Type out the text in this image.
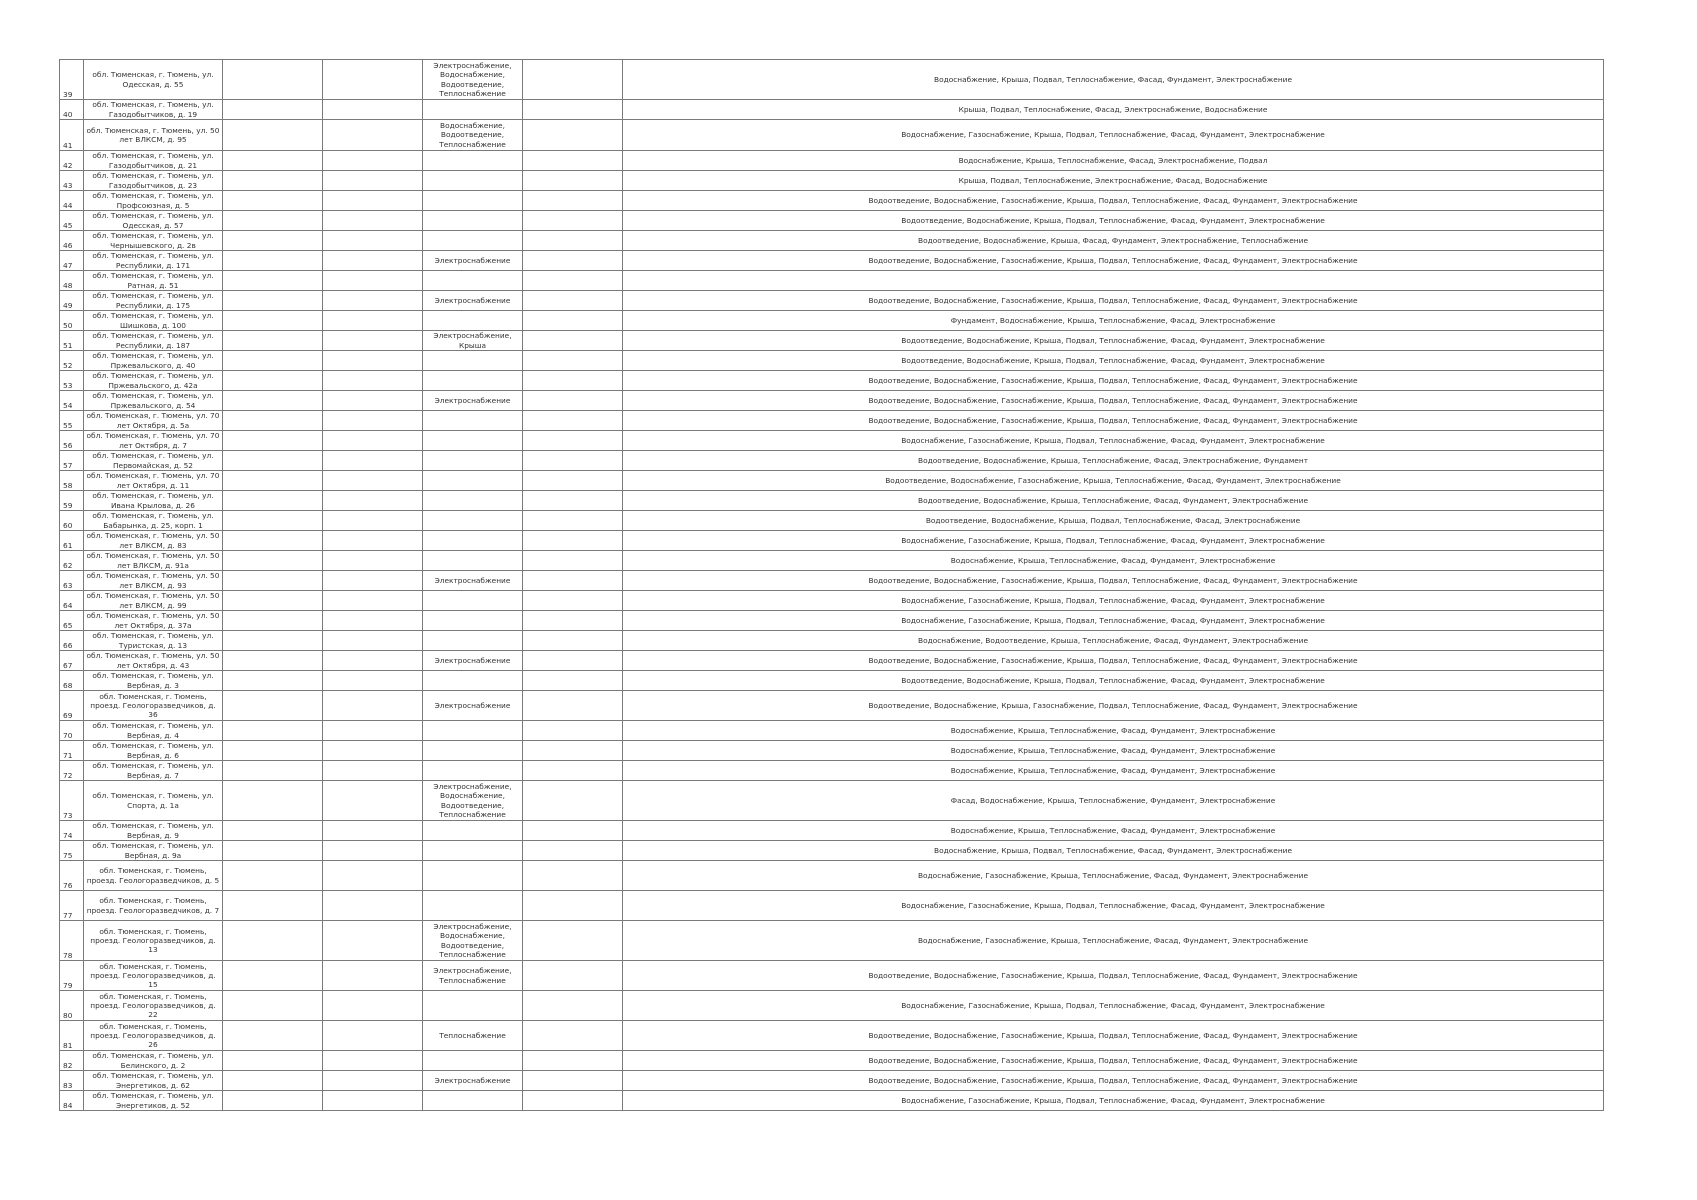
39	обл. Тюменская, г. Тюмень, ул. Одесская, д. 55			Электроснабжение, Водоснабжение, Водоотведение, Теплоснабжение		Водоснабжение, Крыша, Подвал, Теплоснабжение, Фасад, Фундамент, Электроснабжение
40	обл. Тюменская, г. Тюмень, ул. Газодобытчиков, д. 19					Крыша, Подвал, Теплоснабжение, Фасад, Электроснабжение, Водоснабжение
41	обл. Тюменская, г. Тюмень, ул. 50 лет ВЛКСМ, д. 95			Водоснабжение, Водоотведение, Теплоснабжение		Водоснабжение, Газоснабжение, Крыша, Подвал, Теплоснабжение, Фасад, Фундамент, Электроснабжение
42	обл. Тюменская, г. Тюмень, ул. Газодобытчиков, д. 21					Водоснабжение, Крыша, Теплоснабжение, Фасад, Электроснабжение, Подвал
43	обл. Тюменская, г. Тюмень, ул. Газодобытчиков, д. 23					Крыша, Подвал, Теплоснабжение, Электроснабжение, Фасад, Водоснабжение
44	обл. Тюменская, г. Тюмень, ул. Профсоюзная, д. 5					Водоотведение, Водоснабжение, Газоснабжение, Крыша, Подвал, Теплоснабжение, Фасад, Фундамент, Электроснабжение
45	обл. Тюменская, г. Тюмень, ул. Одесская, д. 57					Водоотведение, Водоснабжение, Крыша, Подвал, Теплоснабжение, Фасад, Фундамент, Электроснабжение
46	обл. Тюменская, г. Тюмень, ул. Чернышевского, д. 2в					Водоотведение, Водоснабжение, Крыша, Фасад, Фундамент, Электроснабжение, Теплоснабжение
47	обл. Тюменская, г. Тюмень, ул. Республики, д. 171			Электроснабжение		Водоотведение, Водоснабжение, Газоснабжение, Крыша, Подвал, Теплоснабжение, Фасад, Фундамент, Электроснабжение
48	обл. Тюменская, г. Тюмень, ул. Ратная, д. 51					
49	обл. Тюменская, г. Тюмень, ул. Республики, д. 175			Электроснабжение		Водоотведение, Водоснабжение, Газоснабжение, Крыша, Подвал, Теплоснабжение, Фасад, Фундамент, Электроснабжение
50	обл. Тюменская, г. Тюмень, ул. Шишкова, д. 100					Фундамент, Водоснабжение, Крыша, Теплоснабжение, Фасад, Электроснабжение
51	обл. Тюменская, г. Тюмень, ул. Республики, д. 187			Электроснабжение, Крыша		Водоотведение, Водоснабжение, Крыша, Подвал, Теплоснабжение, Фасад, Фундамент, Электроснабжение
52	обл. Тюменская, г. Тюмень, ул. Пржевальского, д. 40					Водоотведение, Водоснабжение, Крыша, Подвал, Теплоснабжение, Фасад, Фундамент, Электроснабжение
53	обл. Тюменская, г. Тюмень, ул. Пржевальского, д. 42а					Водоотведение, Водоснабжение, Газоснабжение, Крыша, Подвал, Теплоснабжение, Фасад, Фундамент, Электроснабжение
54	обл. Тюменская, г. Тюмень, ул. Пржевальского, д. 54			Электроснабжение		Водоотведение, Водоснабжение, Газоснабжение, Крыша, Подвал, Теплоснабжение, Фасад, Фундамент, Электроснабжение
55	обл. Тюменская, г. Тюмень, ул. 70 лет Октября, д. 5а					Водоотведение, Водоснабжение, Газоснабжение, Крыша, Подвал, Теплоснабжение, Фасад, Фундамент, Электроснабжение
56	обл. Тюменская, г. Тюмень, ул. 70 лет Октября, д. 7					Водоснабжение, Газоснабжение, Крыша, Подвал, Теплоснабжение, Фасад, Фундамент, Электроснабжение
57	обл. Тюменская, г. Тюмень, ул. Первомайская, д. 52					Водоотведение, Водоснабжение, Крыша, Теплоснабжение, Фасад, Электроснабжение, Фундамент
58	обл. Тюменская, г. Тюмень, ул. 70 лет Октября, д. 11					Водоотведение, Водоснабжение, Газоснабжение, Крыша, Теплоснабжение, Фасад, Фундамент, Электроснабжение
59	обл. Тюменская, г. Тюмень, ул. Ивана Крылова, д. 26					Водоотведение, Водоснабжение, Крыша, Теплоснабжение, Фасад, Фундамент, Электроснабжение
60	обл. Тюменская, г. Тюмень, ул. Бабарынка, д. 25, корп. 1					Водоотведение, Водоснабжение, Крыша, Подвал, Теплоснабжение, Фасад, Электроснабжение
61	обл. Тюменская, г. Тюмень, ул. 50 лет ВЛКСМ, д. 83					Водоснабжение, Газоснабжение, Крыша, Подвал, Теплоснабжение, Фасад, Фундамент, Электроснабжение
62	обл. Тюменская, г. Тюмень, ул. 50 лет ВЛКСМ, д. 91а					Водоснабжение, Крыша, Теплоснабжение, Фасад, Фундамент, Электроснабжение
63	обл. Тюменская, г. Тюмень, ул. 50 лет ВЛКСМ, д. 93			Электроснабжение		Водоотведение, Водоснабжение, Газоснабжение, Крыша, Подвал, Теплоснабжение, Фасад, Фундамент, Электроснабжение
64	обл. Тюменская, г. Тюмень, ул. 50 лет ВЛКСМ, д. 99					Водоснабжение, Газоснабжение, Крыша, Подвал, Теплоснабжение, Фасад, Фундамент, Электроснабжение
65	обл. Тюменская, г. Тюмень, ул. 50 лет Октября, д. 37а					Водоснабжение, Газоснабжение, Крыша, Подвал, Теплоснабжение, Фасад, Фундамент, Электроснабжение
66	обл. Тюменская, г. Тюмень, ул. Туристская, д. 13					Водоснабжение, Водоотведение, Крыша, Теплоснабжение, Фасад, Фундамент, Электроснабжение
67	обл. Тюменская, г. Тюмень, ул. 50 лет Октября, д. 43			Электроснабжение		Водоотведение, Водоснабжение, Газоснабжение, Крыша, Подвал, Теплоснабжение, Фасад, Фундамент, Электроснабжение
68	обл. Тюменская, г. Тюмень, ул. Вербная, д. 3					Водоотведение, Водоснабжение, Крыша, Подвал, Теплоснабжение, Фасад, Фундамент, Электроснабжение
69	обл. Тюменская, г. Тюмень, проезд. Геологоразведчиков, д. 36			Электроснабжение		Водоотведение, Водоснабжение, Крыша, Газоснабжение, Подвал, Теплоснабжение, Фасад, Фундамент, Электроснабжение
70	обл. Тюменская, г. Тюмень, ул. Вербная, д. 4					Водоснабжение, Крыша, Теплоснабжение, Фасад, Фундамент, Электроснабжение
71	обл. Тюменская, г. Тюмень, ул. Вербная, д. 6					Водоснабжение, Крыша, Теплоснабжение, Фасад, Фундамент, Электроснабжение
72	обл. Тюменская, г. Тюмень, ул. Вербная, д. 7					Водоснабжение, Крыша, Теплоснабжение, Фасад, Фундамент, Электроснабжение
73	обл. Тюменская, г. Тюмень, ул. Спорта, д. 1а			Электроснабжение, Водоснабжение, Водоотведение, Теплоснабжение		Фасад, Водоснабжение, Крыша, Теплоснабжение, Фундамент, Электроснабжение
74	обл. Тюменская, г. Тюмень, ул. Вербная, д. 9					Водоснабжение, Крыша, Теплоснабжение, Фасад, Фундамент, Электроснабжение
75	обл. Тюменская, г. Тюмень, ул. Вербная, д. 9а					Водоснабжение, Крыша, Подвал, Теплоснабжение, Фасад, Фундамент, Электроснабжение
76	обл. Тюменская, г. Тюмень, проезд. Геологоразведчиков, д. 5					Водоснабжение, Газоснабжение, Крыша, Теплоснабжение, Фасад, Фундамент, Электроснабжение
77	обл. Тюменская, г. Тюмень, проезд. Геологоразведчиков, д. 7					Водоснабжение, Газоснабжение, Крыша, Подвал, Теплоснабжение, Фасад, Фундамент, Электроснабжение
78	обл. Тюменская, г. Тюмень, проезд. Геологоразведчиков, д. 13			Электроснабжение, Водоснабжение, Водоотведение, Теплоснабжение		Водоснабжение, Газоснабжение, Крыша, Теплоснабжение, Фасад, Фундамент, Электроснабжение
79	обл. Тюменская, г. Тюмень, проезд. Геологоразведчиков, д. 15			Электроснабжение, Теплоснабжение		Водоотведение, Водоснабжение, Газоснабжение, Крыша, Подвал, Теплоснабжение, Фасад, Фундамент, Электроснабжение
80	обл. Тюменская, г. Тюмень, проезд. Геологоразведчиков, д. 22					Водоснабжение, Газоснабжение, Крыша, Подвал, Теплоснабжение, Фасад, Фундамент, Электроснабжение
81	обл. Тюменская, г. Тюмень, проезд. Геологоразведчиков, д. 26			Теплоснабжение		Водоотведение, Водоснабжение, Газоснабжение, Крыша, Подвал, Теплоснабжение, Фасад, Фундамент, Электроснабжение
82	обл. Тюменская, г. Тюмень, ул. Белинского, д. 2					Водоотведение, Водоснабжение, Газоснабжение, Крыша, Подвал, Теплоснабжение, Фасад, Фундамент, Электроснабжение
83	обл. Тюменская, г. Тюмень, ул. Энергетиков, д. 62			Электроснабжение		Водоотведение, Водоснабжение, Газоснабжение, Крыша, Подвал, Теплоснабжение, Фасад, Фундамент, Электроснабжение
84	обл. Тюменская, г. Тюмень, ул. Энергетиков, д. 52					Водоснабжение, Газоснабжение, Крыша, Подвал, Теплоснабжение, Фасад, Фундамент, Электроснабжение
